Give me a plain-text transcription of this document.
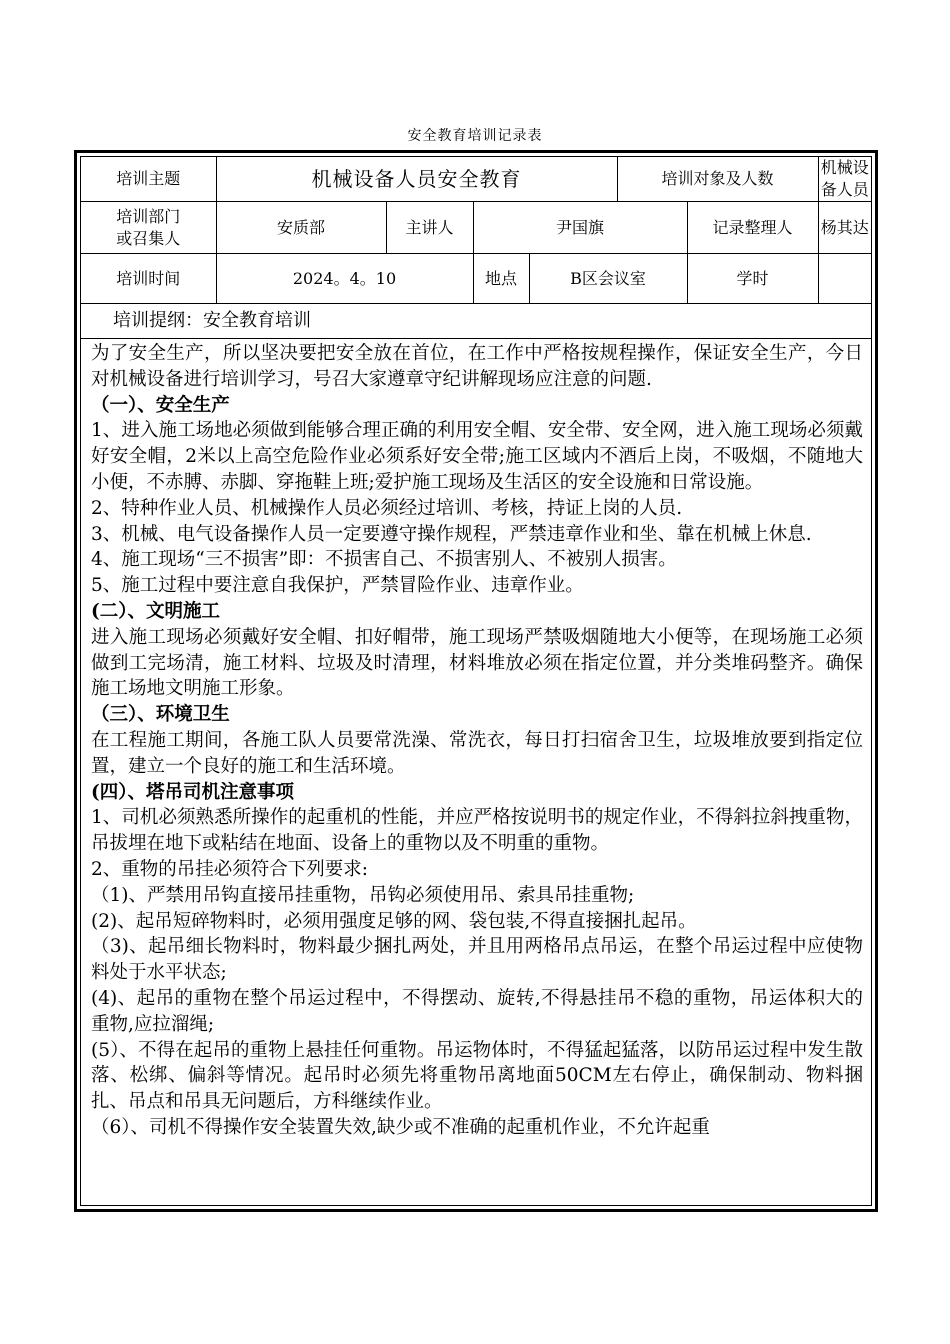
安全教育培训记录表
培训主题	机械设备人员安全教育				培训对象及人数		机械设备人员

培训部门
或召集人	安质部	主讲人	尹国旗			记录整理人	杨其达
培训时间	2024。4。10		地点	B区会议室		学时	
培训提纲：安全教育培训

为了安全生产，所以坚决要把安全放在首位，在工作中严格按规程操作，保证安全生产，今日对机械设备进行培训学习，号召大家遵章守纪讲解现场应注意的问题.

（一）、安全生产

1、进入施工场地必须做到能够合理正确的利用安全帽、安全带、安全网，进入施工现场必须戴好安全帽，2米以上高空危险作业必须系好安全带;施工区域内不酒后上岗，不吸烟，不随地大小便，不赤膊、赤脚、穿拖鞋上班;爱护施工现场及生活区的安全设施和日常设施。

2、特种作业人员、机械操作人员必须经过培训、考核，持证上岗的人员.

3、机械、电气设备操作人员一定要遵守操作规程，严禁违章作业和坐、靠在机械上休息.

4、施工现场“三不损害”即：不损害自己、不损害别人、不被别人损害。

5、施工过程中要注意自我保护，严禁冒险作业、违章作业。

(二）、文明施工

进入施工现场必须戴好安全帽、扣好帽带，施工现场严禁吸烟随地大小便等，在现场施工必须做到工完场清，施工材料、垃圾及时清理，材料堆放必须在指定位置，并分类堆码整齐。确保施工场地文明施工形象。

（三）、环境卫生

在工程施工期间，各施工队人员要常洗澡、常洗衣，每日打扫宿舍卫生，垃圾堆放要到指定位置，建立一个良好的施工和生活环境。

(四）、塔吊司机注意事项

1、司机必须熟悉所操作的起重机的性能，并应严格按说明书的规定作业，不得斜拉斜拽重物，吊拔埋在地下或粘结在地面、设备上的重物以及不明重的重物。

2、重物的吊挂必须符合下列要求:

（1)、严禁用吊钩直接吊挂重物，吊钩必须使用吊、索具吊挂重物;

(2)、起吊短碎物料时，必须用强度足够的网、袋包装,不得直接捆扎起吊。

（3)、起吊细长物料时，物料最少捆扎两处，并且用两格吊点吊运，在整个吊运过程中应使物料处于水平状态;

(4)、起吊的重物在整个吊运过程中，不得摆动、旋转,不得悬挂吊不稳的重物，吊运体积大的重物,应拉溜绳;

(5）、不得在起吊的重物上悬挂任何重物。吊运物体时，不得猛起猛落，以防吊运过程中发生散落、松绑、偏斜等情况。起吊时必须先将重物吊离地面50CM左右停止，确保制动、物料捆扎、吊点和吊具无问题后，方科继续作业。

（6）、司机不得操作安全装置失效,缺少或不准确的起重机作业，不允许起重
